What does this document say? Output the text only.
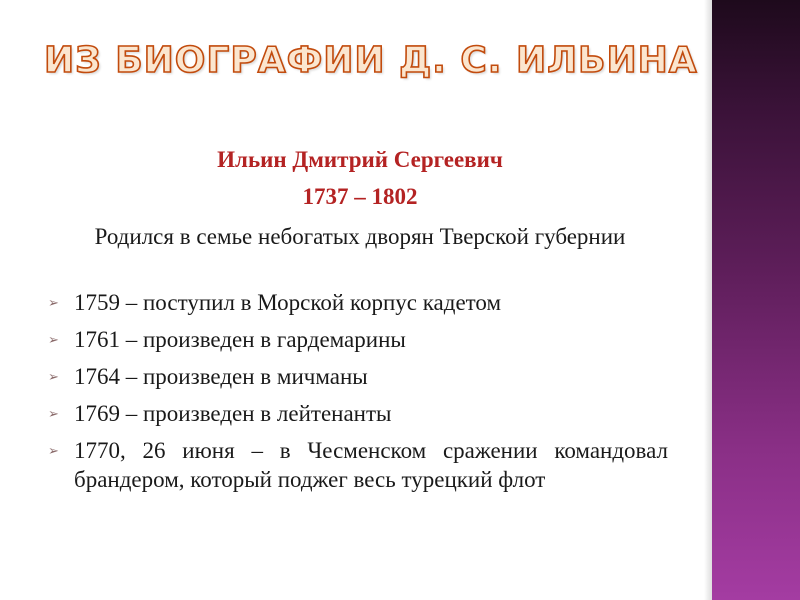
ИЗ БИОГРАФИИ Д. С. ИЛЬИНА

Ильин Дмитрий Сергеевич

1737 – 1802

Родился в семье небогатых дворян Тверской губернии

➢ 1759 – поступил в Морской корпус кадетом
➢ 1761 – произведен в гардемарины
➢ 1764 – произведен в мичманы
➢ 1769 – произведен в лейтенанты
➢ 1770, 26 июня – в Чесменском сражении командовал брандером, который поджег весь турецкий флот
